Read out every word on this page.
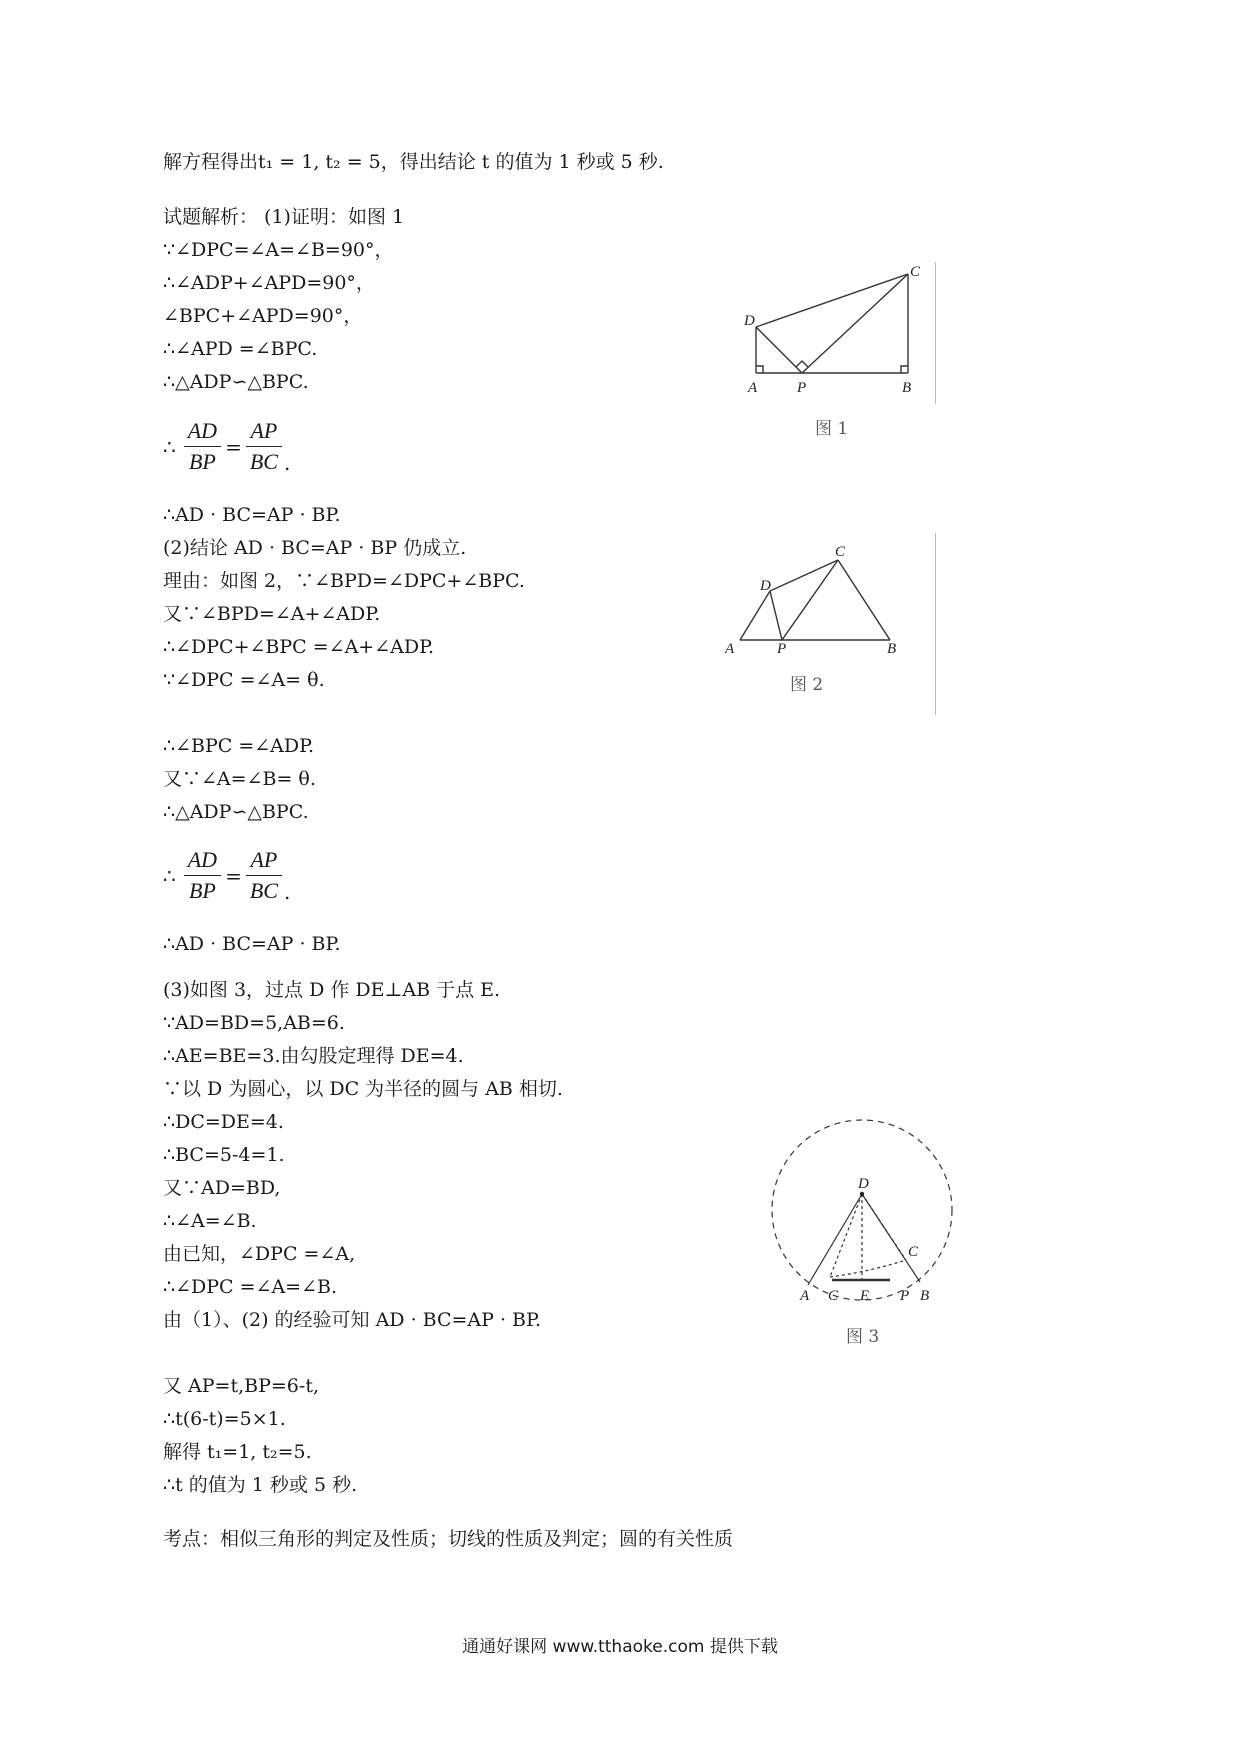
解方程得出t₁ = 1, t₂ = 5，得出结论 t 的值为 1 秒或 5 秒.
试题解析： (1)证明：如图 1
∵∠DPC=∠A=∠B=90°，
∴∠ADP+∠APD=90°，
∠BPC+∠APD=90°，
∴∠APD =∠BPC.
∴△ADP∽△BPC.
∴ $\frac{AD}{BP} = \frac{AP}{BC}$ .
∴AD · BC=AP · BP.
(2)结论 AD · BC=AP · BP 仍成立.
理由：如图 2，∵∠BPD=∠DPC+∠BPC.
又∵∠BPD=∠A+∠ADP.
∴∠DPC+∠BPC =∠A+∠ADP.
∵∠DPC =∠A= θ.
∴∠BPC =∠ADP.
又∵∠A=∠B= θ.
∴△ADP∽△BPC.
∴ $\frac{AD}{BP} = \frac{AP}{BC}$ .
∴AD · BC=AP · BP.
(3)如图 3，过点 D 作 DE⊥AB 于点 E.
∵AD=BD=5,AB=6.
∴AE=BE=3.由勾股定理得 DE=4.
∵以 D 为圆心，以 DC 为半径的圆与 AB 相切.
∴DC=DE=4.
∴BC=5-4=1.
又∵AD=BD,
∴∠A=∠B.
由已知，∠DPC =∠A,
∴∠DPC =∠A=∠B.
由（1）、(2) 的经验可知 AD · BC=AP · BP.
又 AP=t,BP=6-t,
∴t(6-t)=5×1.
解得 t₁=1, t₂=5.
∴t 的值为 1 秒或 5 秒.
考点：相似三角形的判定及性质；切线的性质及判定；圆的有关性质
D
C
A	P	B
图 1
D
C
A	P	B
图 2
D
C
A C E P B
图 3
通通好课网 www.tthaoke.com 提供下载
